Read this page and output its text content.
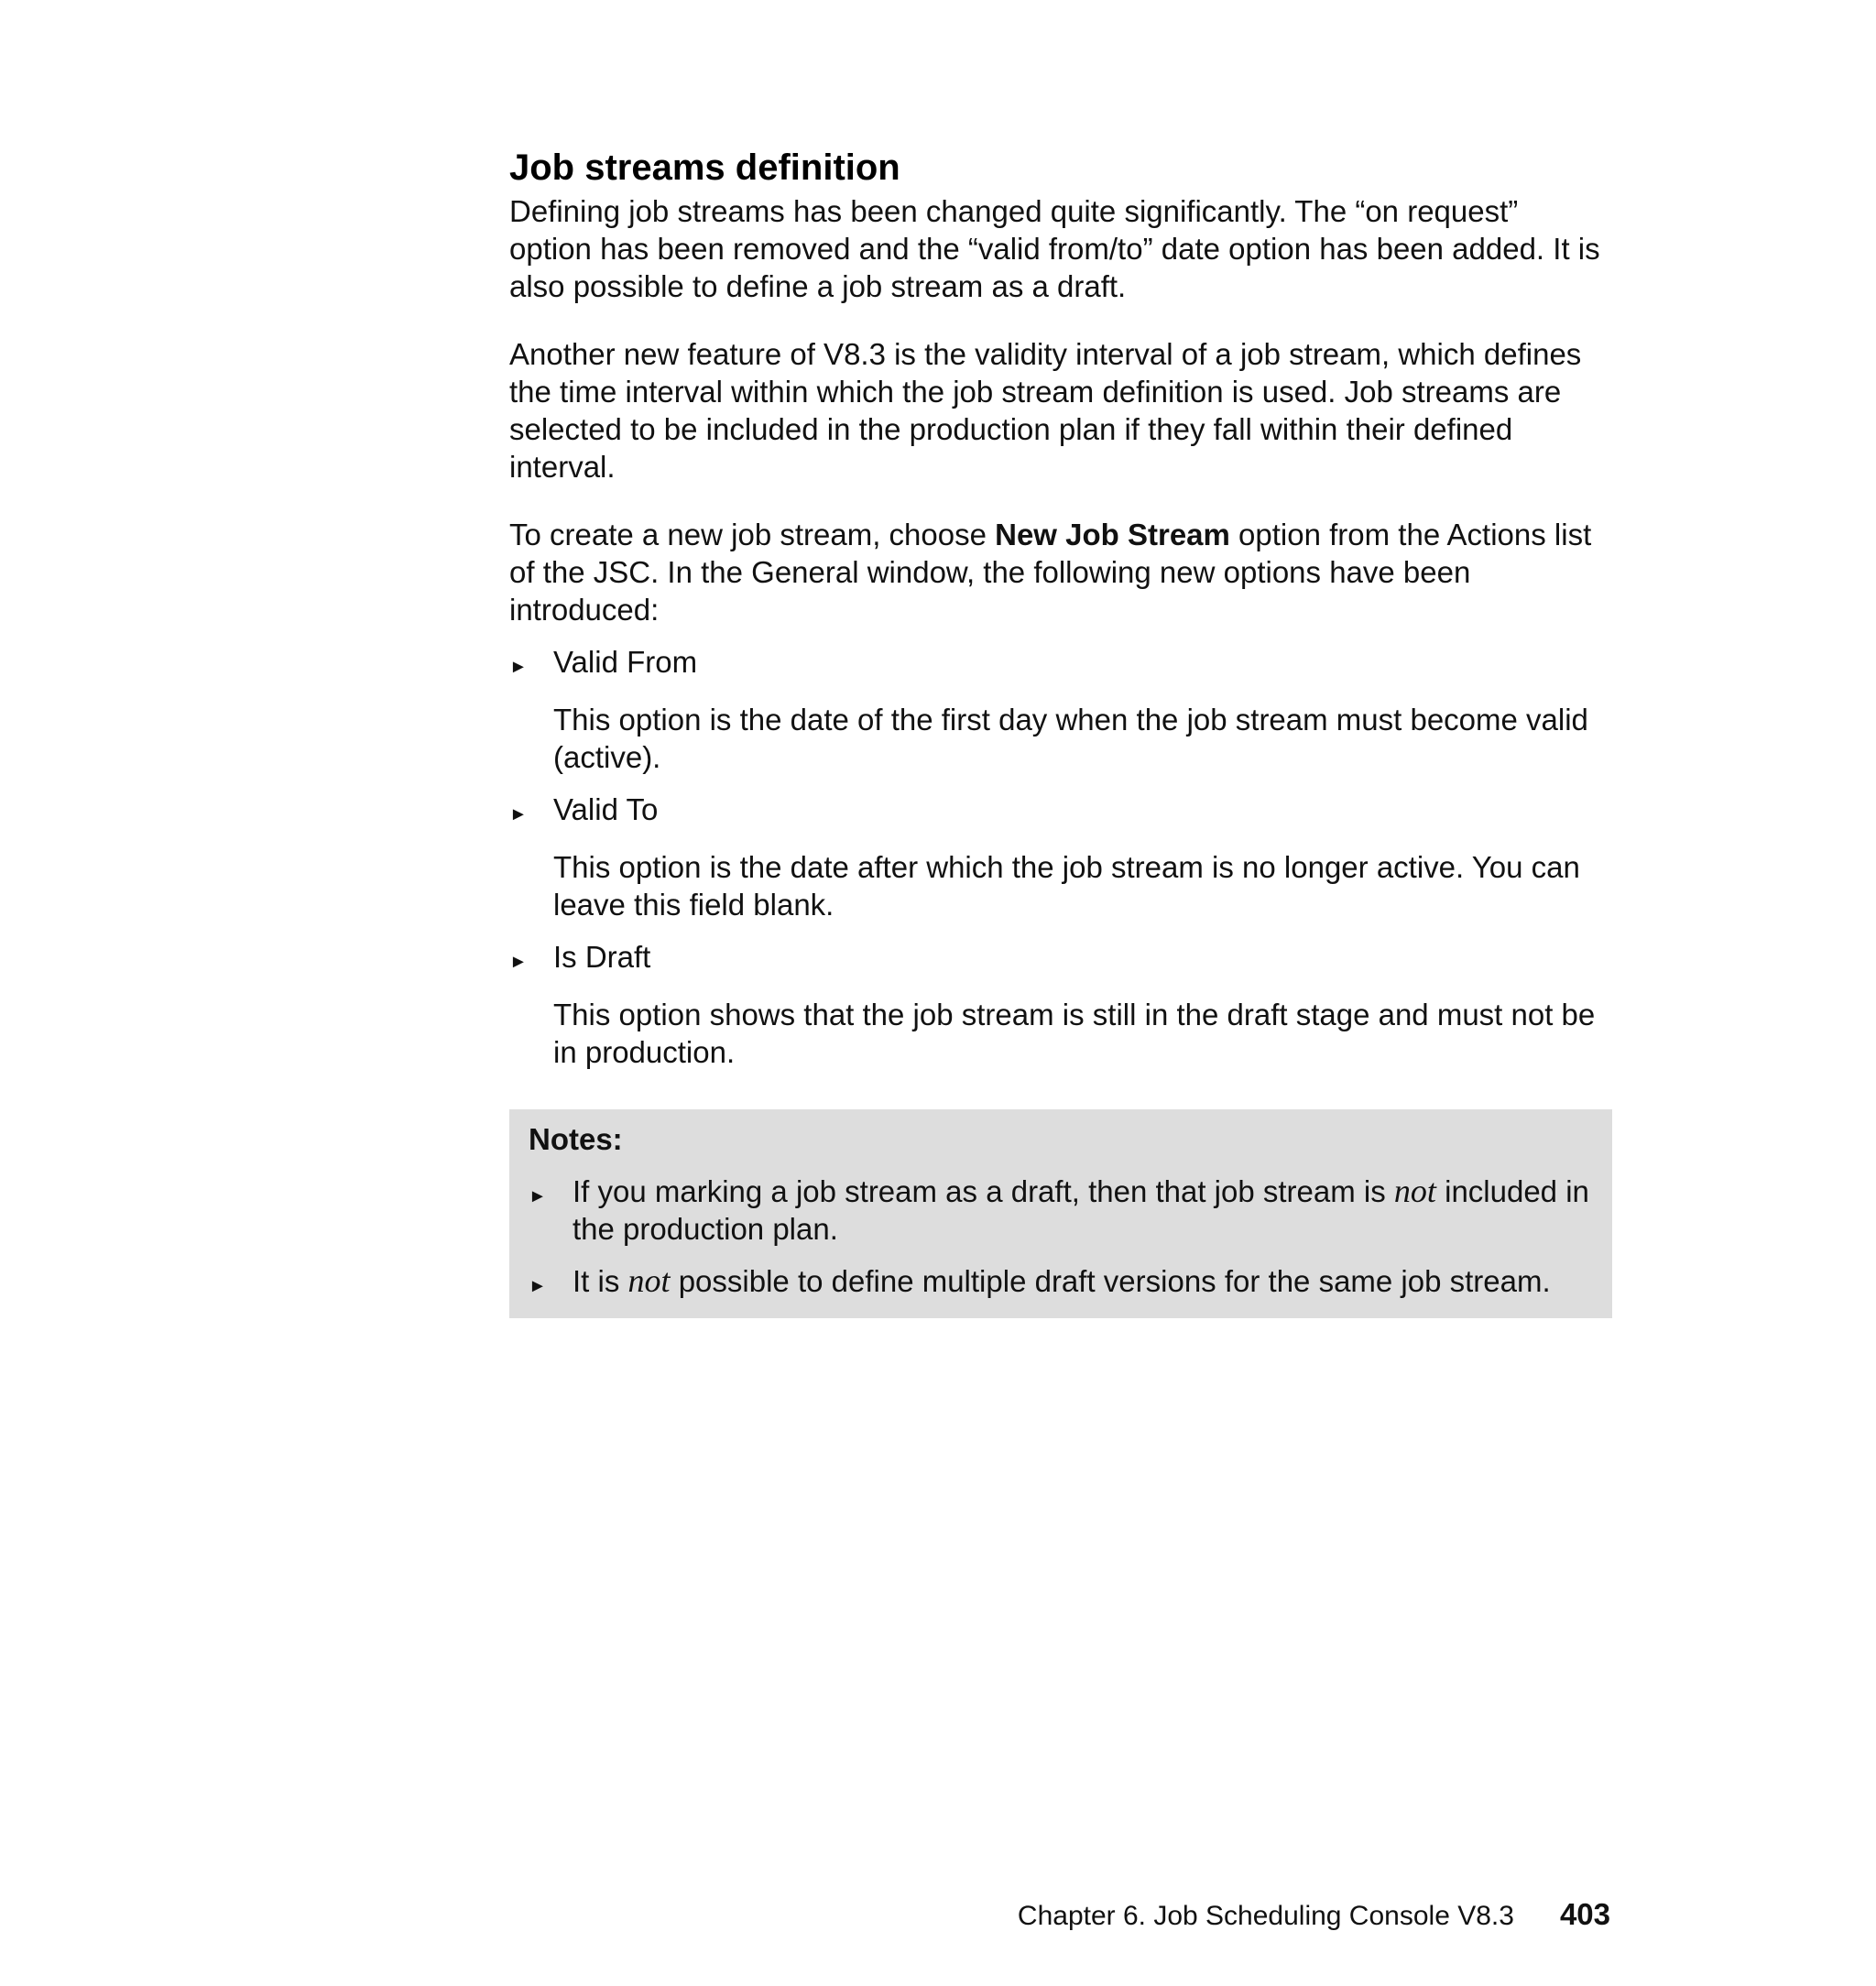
Job streams definition

Defining job streams has been changed quite significantly. The “on request” option has been removed and the “valid from/to” date option has been added. It is also possible to define a job stream as a draft.

Another new feature of V8.3 is the validity interval of a job stream, which defines the time interval within which the job stream definition is used. Job streams are selected to be included in the production plan if they fall within their defined interval.

To create a new job stream, choose New Job Stream option from the Actions list of the JSC. In the General window, the following new options have been introduced:

► Valid From
This option is the date of the first day when the job stream must become valid (active).
► Valid To
This option is the date after which the job stream is no longer active. You can leave this field blank.
► Is Draft
This option shows that the job stream is still in the draft stage and must not be in production.
Notes:
► If you marking a job stream as a draft, then that job stream is not included in the production plan.
► It is not possible to define multiple draft versions for the same job stream.
Chapter 6. Job Scheduling Console V8.3 403
